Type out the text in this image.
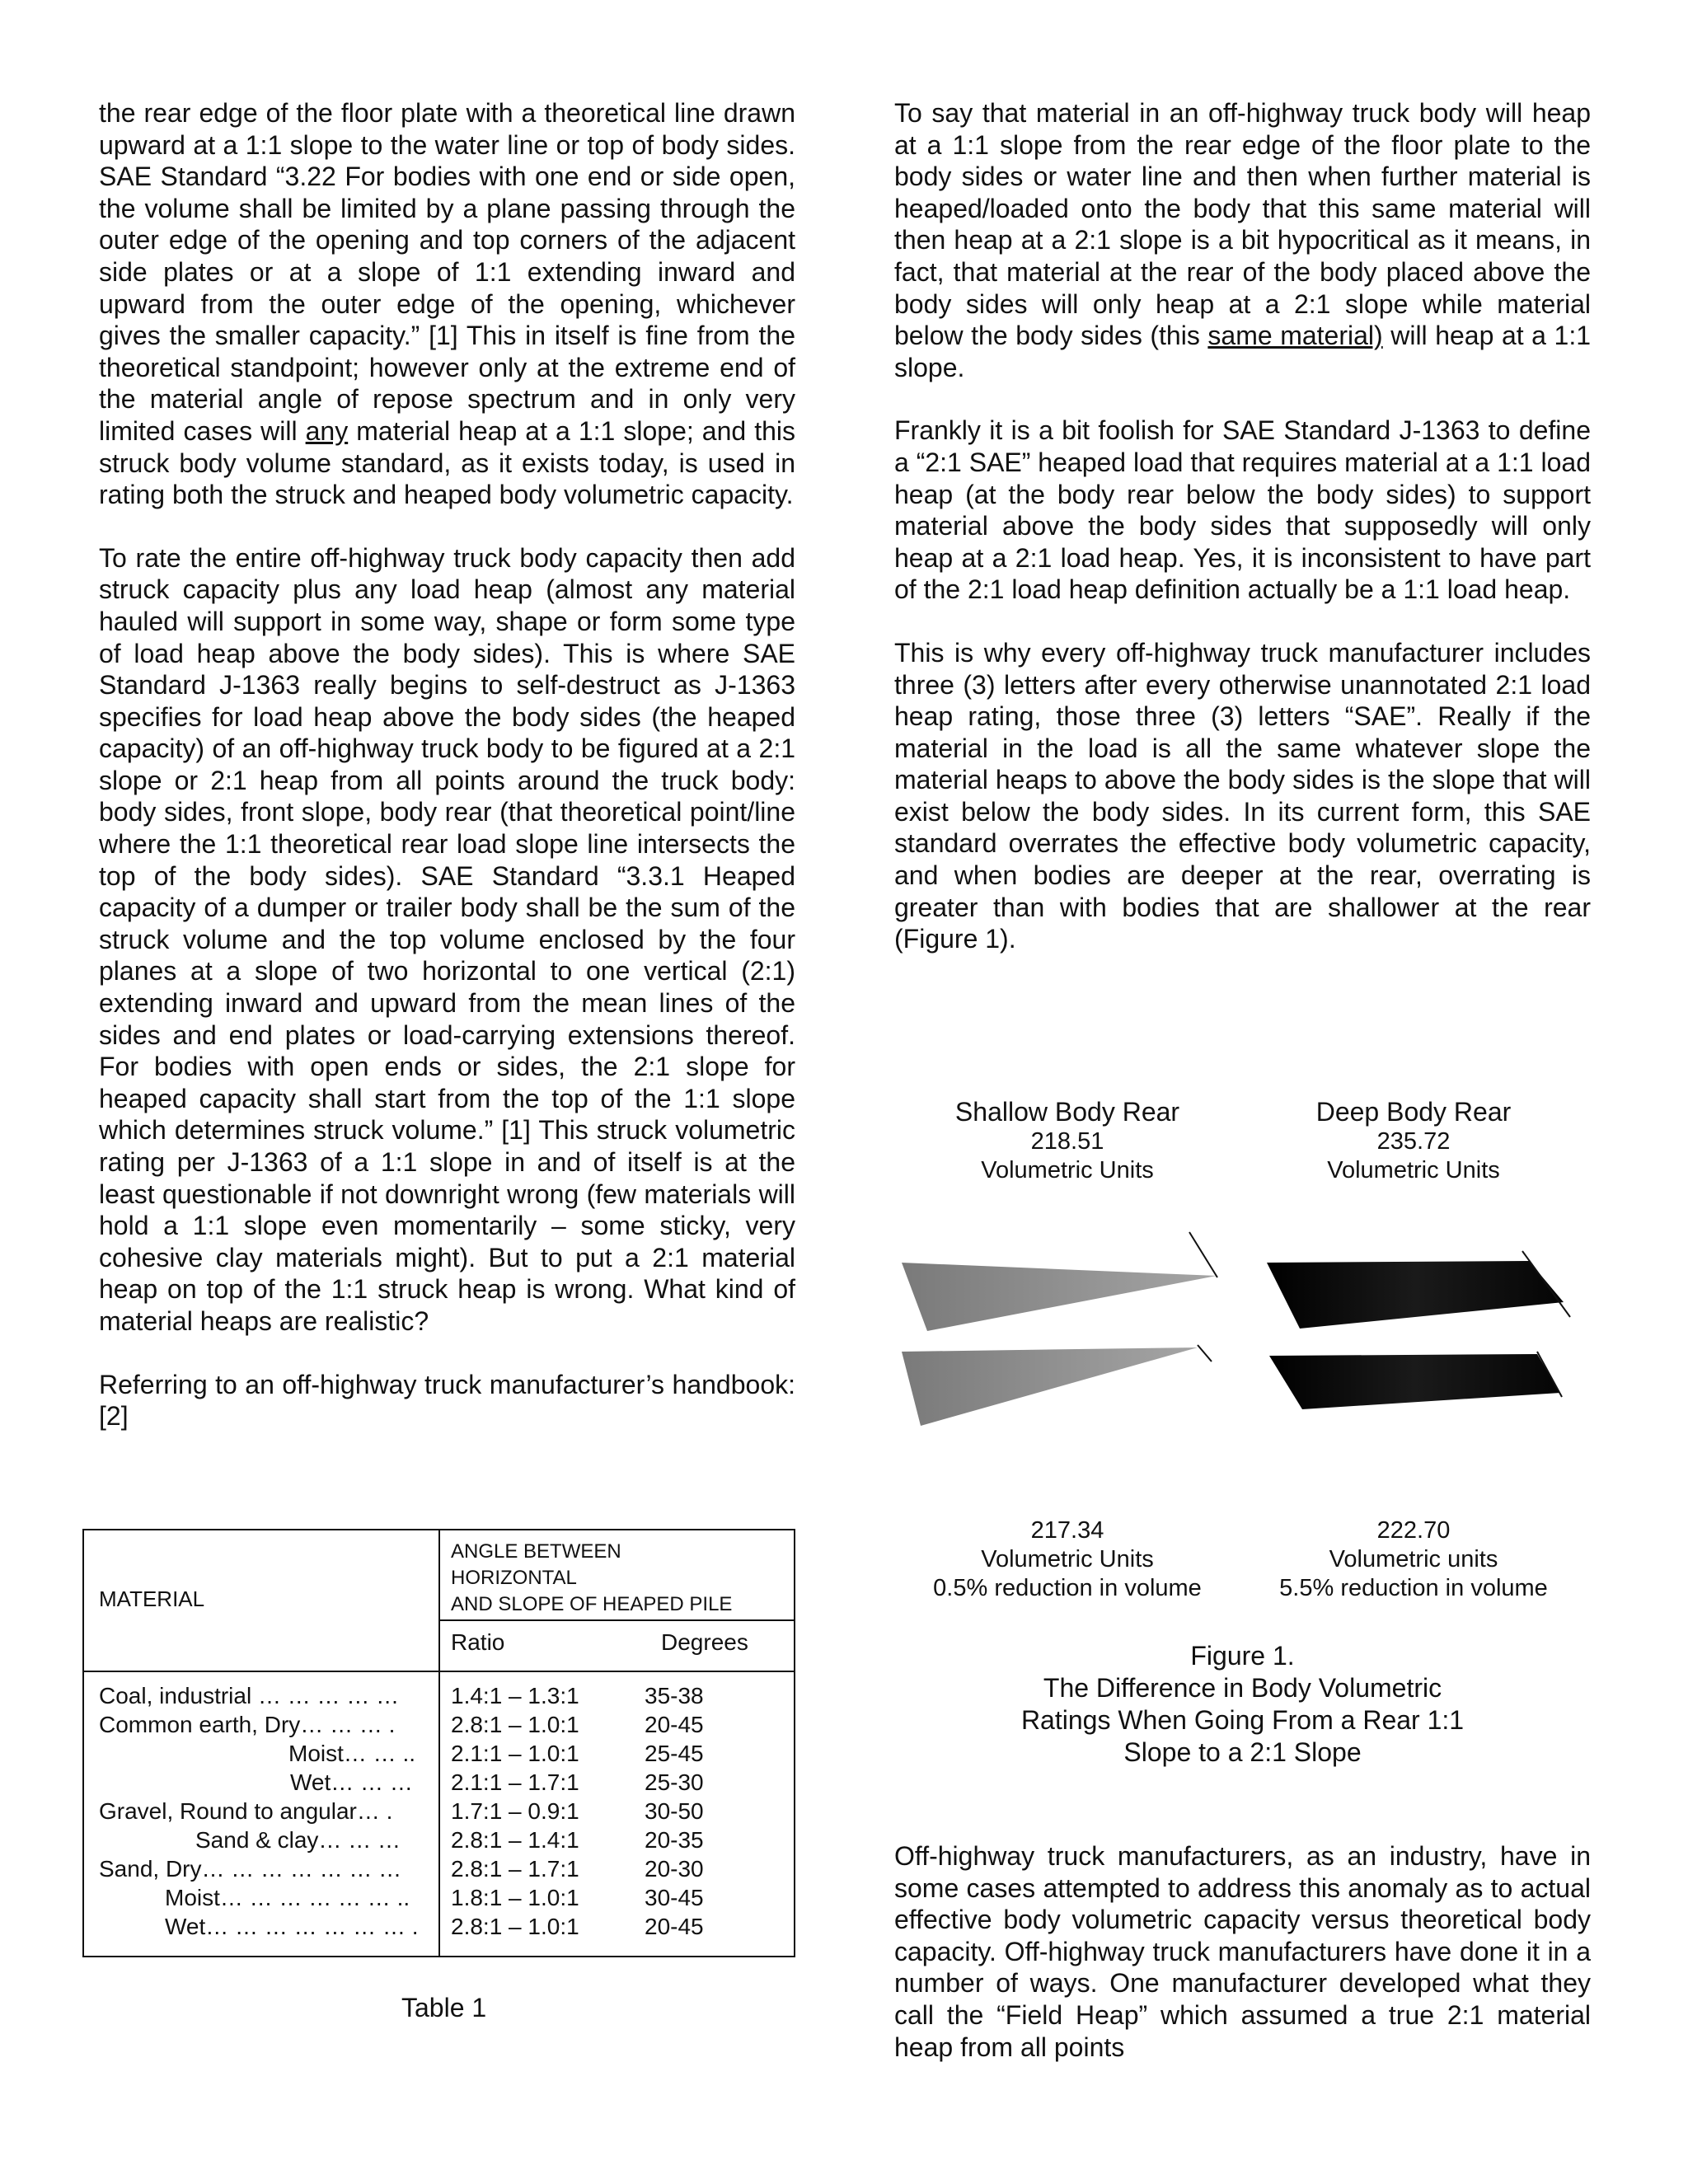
the rear edge of the floor plate with a theoretical line drawn upward at a 1:1 slope to the water line or top of body sides. SAE Standard “3.22 For bodies with one end or side open, the volume shall be limited by a plane passing through the outer edge of the opening and top corners of the adjacent side plates or at a slope of 1:1 extending inward and upward from the outer edge of the opening, whichever gives the smaller capacity.” [1] This in itself is fine from the theoretical standpoint; however only at the extreme end of the material angle of repose spectrum and in only very limited cases will any material heap at a 1:1 slope; and this struck body volume standard, as it exists today, is used in rating both the struck and heaped body volumetric capacity.

To rate the entire off-highway truck body capacity then add struck capacity plus any load heap (almost any material hauled will support in some way, shape or form some type of load heap above the body sides). This is where SAE Standard J-1363 really begins to self-destruct as J-1363 specifies for load heap above the body sides (the heaped capacity) of an off-highway truck body to be figured at a 2:1 slope or 2:1 heap from all points around the truck body: body sides, front slope, body rear (that theoretical point/line where the 1:1 theoretical rear load slope line intersects the top of the body sides). SAE Standard “3.3.1 Heaped capacity of a dumper or trailer body shall be the sum of the struck volume and the top volume enclosed by the four planes at a slope of two horizontal to one vertical (2:1) extending inward and upward from the mean lines of the sides and end plates or load-carrying extensions thereof. For bodies with open ends or sides, the 2:1 slope for heaped capacity shall start from the top of the 1:1 slope which determines struck volume.” [1] This struck volumetric rating per J-1363 of a 1:1 slope in and of itself is at the least questionable if not downright wrong (few materials will hold a 1:1 slope even momentarily – some sticky, very cohesive clay materials might). But to put a 2:1 material heap on top of the 1:1 struck heap is wrong. What kind of material heaps are realistic?

Referring to an off-highway truck manufacturer’s handbook: [2]

MATERIAL
ANGLE BETWEEN
HORIZONTAL
AND SLOPE OF HEAPED PILE
Ratio	Degrees
Coal, industrial … … … … … 1.4:1 – 1.3:1	35-38
Common earth, Dry… … … . 2.8:1 – 1.0:1	20-45
Moist… … .. 2.1:1 – 1.0:1	25-45
Wet… … … 2.1:1 – 1.7:1	25-30
Gravel, Round to angular… .	1.7:1 – 0.9:1	30-50
Sand & clay… … … 2.8:1 – 1.4:1	20-35
Sand, Dry… … … … … … … 2.8:1 – 1.7:1	20-30
Moist… … … … … … .. 1.8:1 – 1.0:1	30-45
Wet… … … … … … … . 2.8:1 – 1.0:1	20-45
Table 1

To say that material in an off-highway truck body will heap at a 1:1 slope from the rear edge of the floor plate to the body sides or water line and then when further material is heaped/loaded onto the body that this same material will then heap at a 2:1 slope is a bit hypocritical as it means, in fact, that material at the rear of the body placed above the body sides will only heap at a 2:1 slope while material below the body sides (this same material) will heap at a 1:1 slope.

Frankly it is a bit foolish for SAE Standard J-1363 to define a “2:1 SAE” heaped load that requires material at a 1:1 load heap (at the body rear below the body sides) to support material above the body sides that supposedly will only heap at a 2:1 load heap. Yes, it is inconsistent to have part of the 2:1 load heap definition actually be a 1:1 load heap.

This is why every off-highway truck manufacturer includes three (3) letters after every otherwise unannotated 2:1 load heap rating, those three (3) letters “SAE”. Really if the material in the load is all the same whatever slope the material heaps to above the body sides is the slope that will exist below the body sides. In its current form, this SAE standard overrates the effective body volumetric capacity, and when bodies are deeper at the rear, overrating is greater than with bodies that are shallower at the rear (Figure 1).

Shallow Body Rear
218.51
Volumetric Units
Deep Body Rear
235.72
Volumetric Units
217.34
Volumetric Units
0.5% reduction in volume
222.70
Volumetric units
5.5% reduction in volume
Figure 1.
The Difference in Body Volumetric
Ratings When Going From a Rear 1:1
Slope to a 2:1 Slope

Off-highway truck manufacturers, as an industry, have in some cases attempted to address this anomaly as to actual effective body volumetric capacity versus theoretical body capacity. Off-highway truck manufacturers have done it in a number of ways. One manufacturer developed what they call the “Field Heap” which assumed a true 2:1 material heap from all points
